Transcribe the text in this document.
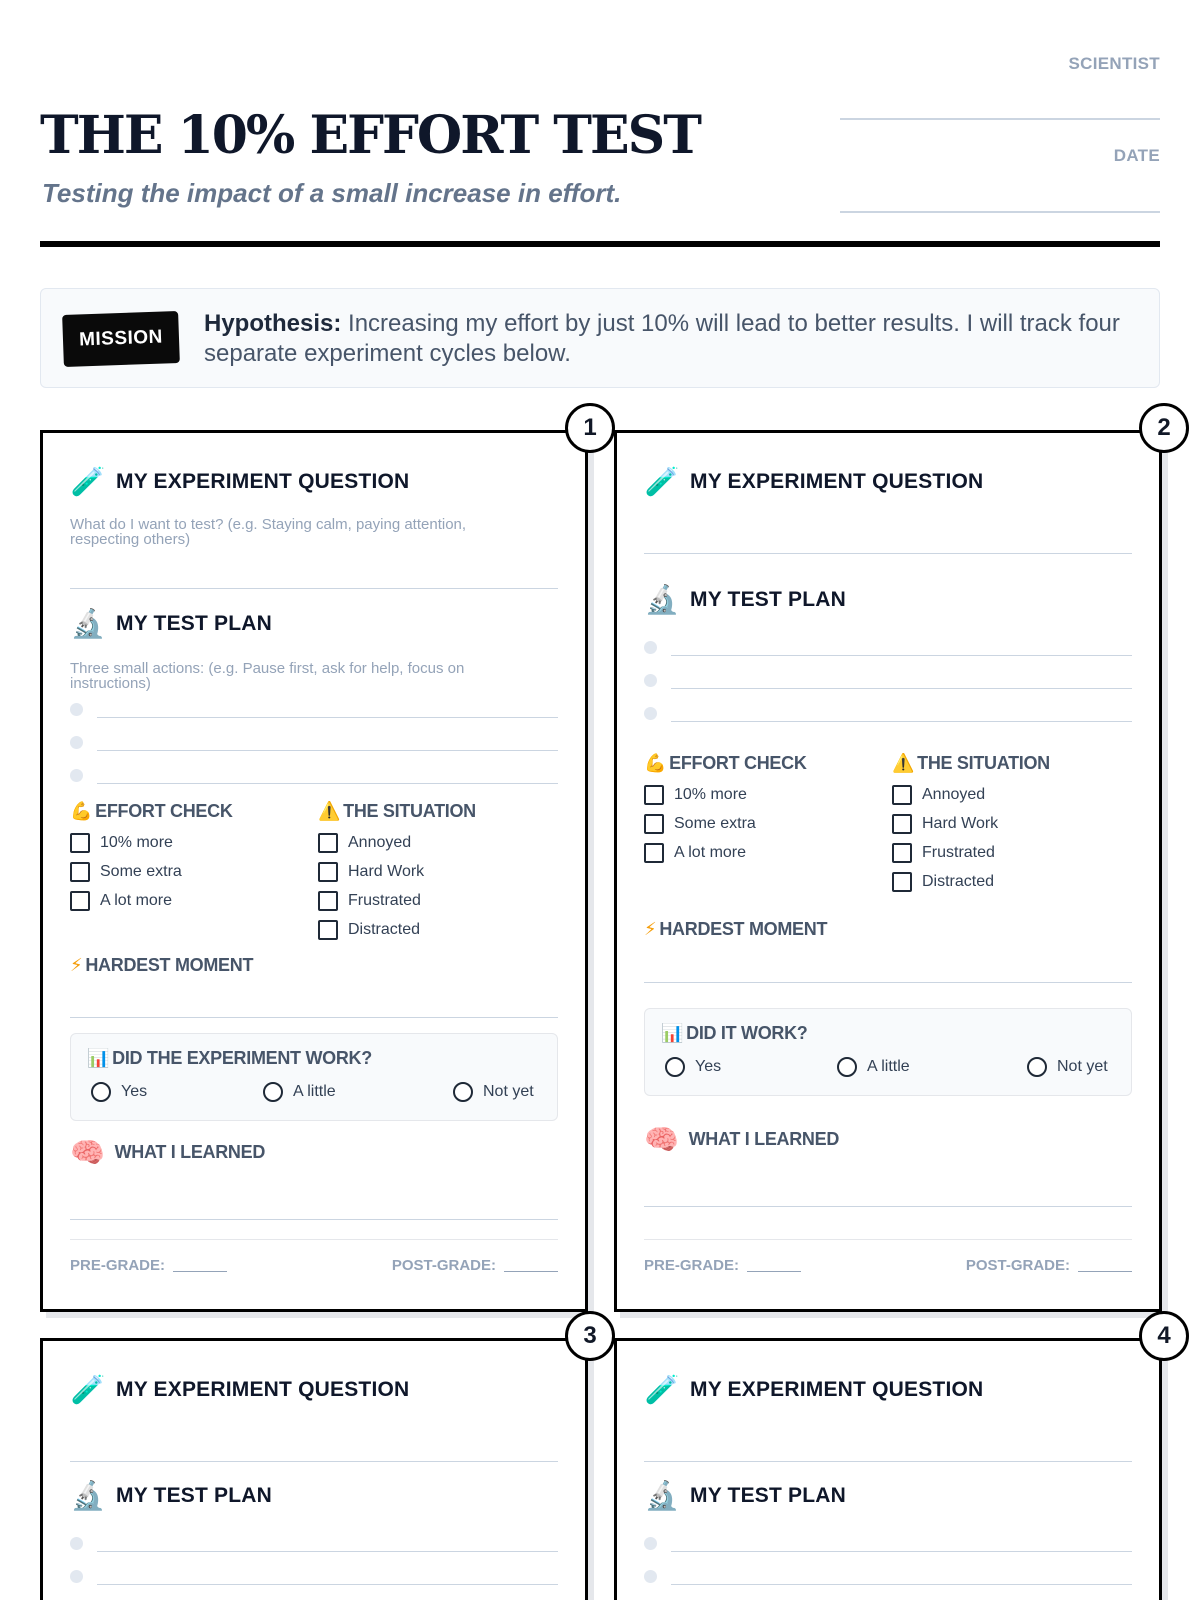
THE 10% EFFORT TEST
Testing the impact of a small increase in effort.
SCIENTIST
DATE
MISSION
Hypothesis: Increasing my effort by just 10% will lead to better results. I will track four separate experiment cycles below.
1
🧪 MY EXPERIMENT QUESTION
What do I want to test? (e.g. Staying calm, paying attention, respecting others)
🔬 MY TEST PLAN
Three small actions: (e.g. Pause first, ask for help, focus on instructions)
💪 EFFORT CHECK
10% more
Some extra
A lot more
⚠️ THE SITUATION
Annoyed
Hard Work
Frustrated
Distracted
⚡ HARDEST MOMENT
📊 DID THE EXPERIMENT WORK?
Yes	A little	Not yet
🧠 WHAT I LEARNED
PRE-GRADE:	POST-GRADE:
2
🧪 MY EXPERIMENT QUESTION
🔬 MY TEST PLAN
💪 EFFORT CHECK
10% more
Some extra
A lot more
⚠️ THE SITUATION
Annoyed
Hard Work
Frustrated
Distracted
⚡ HARDEST MOMENT
📊 DID IT WORK?
Yes	A little	Not yet
🧠 WHAT I LEARNED
PRE-GRADE:	POST-GRADE:
3
🧪 MY EXPERIMENT QUESTION
🔬 MY TEST PLAN
4
🧪 MY EXPERIMENT QUESTION
🔬 MY TEST PLAN
